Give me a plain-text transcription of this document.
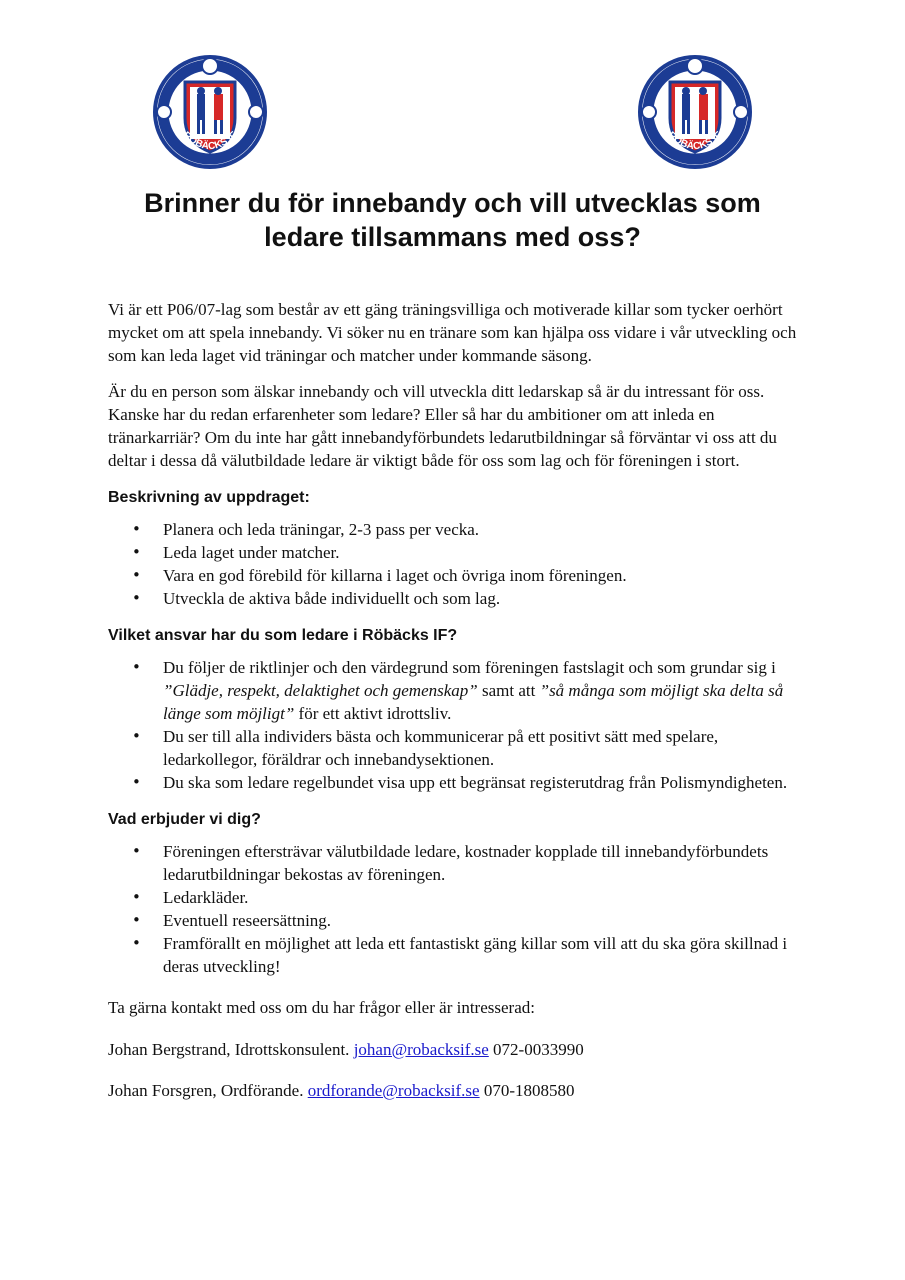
RÖBÄCKS IF	RÖBÄCKS IF
Brinner du för innebandy och vill utvecklas som
ledare tillsammans med oss?

Vi är ett P06/07-lag som består av ett gäng träningsvilliga och motiverade killar som tycker oerhört mycket om att spela innebandy. Vi söker nu en tränare som kan hjälpa oss vidare i vår utveckling och som kan leda laget vid träningar och matcher under kommande säsong.

Är du en person som älskar innebandy och vill utveckla ditt ledarskap så är du intressant för oss. Kanske har du redan erfarenheter som ledare? Eller så har du ambitioner om att inleda en tränarkarriär? Om du inte har gått innebandyförbundets ledarutbildningar så förväntar vi oss att du deltar i dessa då välutbildade ledare är viktigt både för oss som lag och för föreningen i stort.

Beskrivning av uppdraget:
• Planera och leda träningar, 2-3 pass per vecka.
• Leda laget under matcher.
• Vara en god förebild för killarna i laget och övriga inom föreningen.
• Utveckla de aktiva både individuellt och som lag.
Vilket ansvar har du som ledare i Röbäcks IF?
• Du följer de riktlinjer och den värdegrund som föreningen fastslagit och som grundar sig i ”Glädje, respekt, delaktighet och gemenskap” samt att ”så många som möjligt ska delta så länge som möjligt” för ett aktivt idrottsliv.
• Du ser till alla individers bästa och kommunicerar på ett positivt sätt med spelare, ledarkollegor, föräldrar och innebandysektionen.
• Du ska som ledare regelbundet visa upp ett begränsat registerutdrag från Polismyndigheten.
Vad erbjuder vi dig?
• Föreningen eftersträvar välutbildade ledare, kostnader kopplade till innebandyförbundets ledarutbildningar bekostas av föreningen.
• Ledarkläder.
• Eventuell reseersättning.
• Framförallt en möjlighet att leda ett fantastiskt gäng killar som vill att du ska göra skillnad i deras utveckling!

Ta gärna kontakt med oss om du har frågor eller är intresserad:

Johan Bergstrand, Idrottskonsulent. johan@robacksif.se 072-0033990

Johan Forsgren, Ordförande. ordforande@robacksif.se 070-1808580
